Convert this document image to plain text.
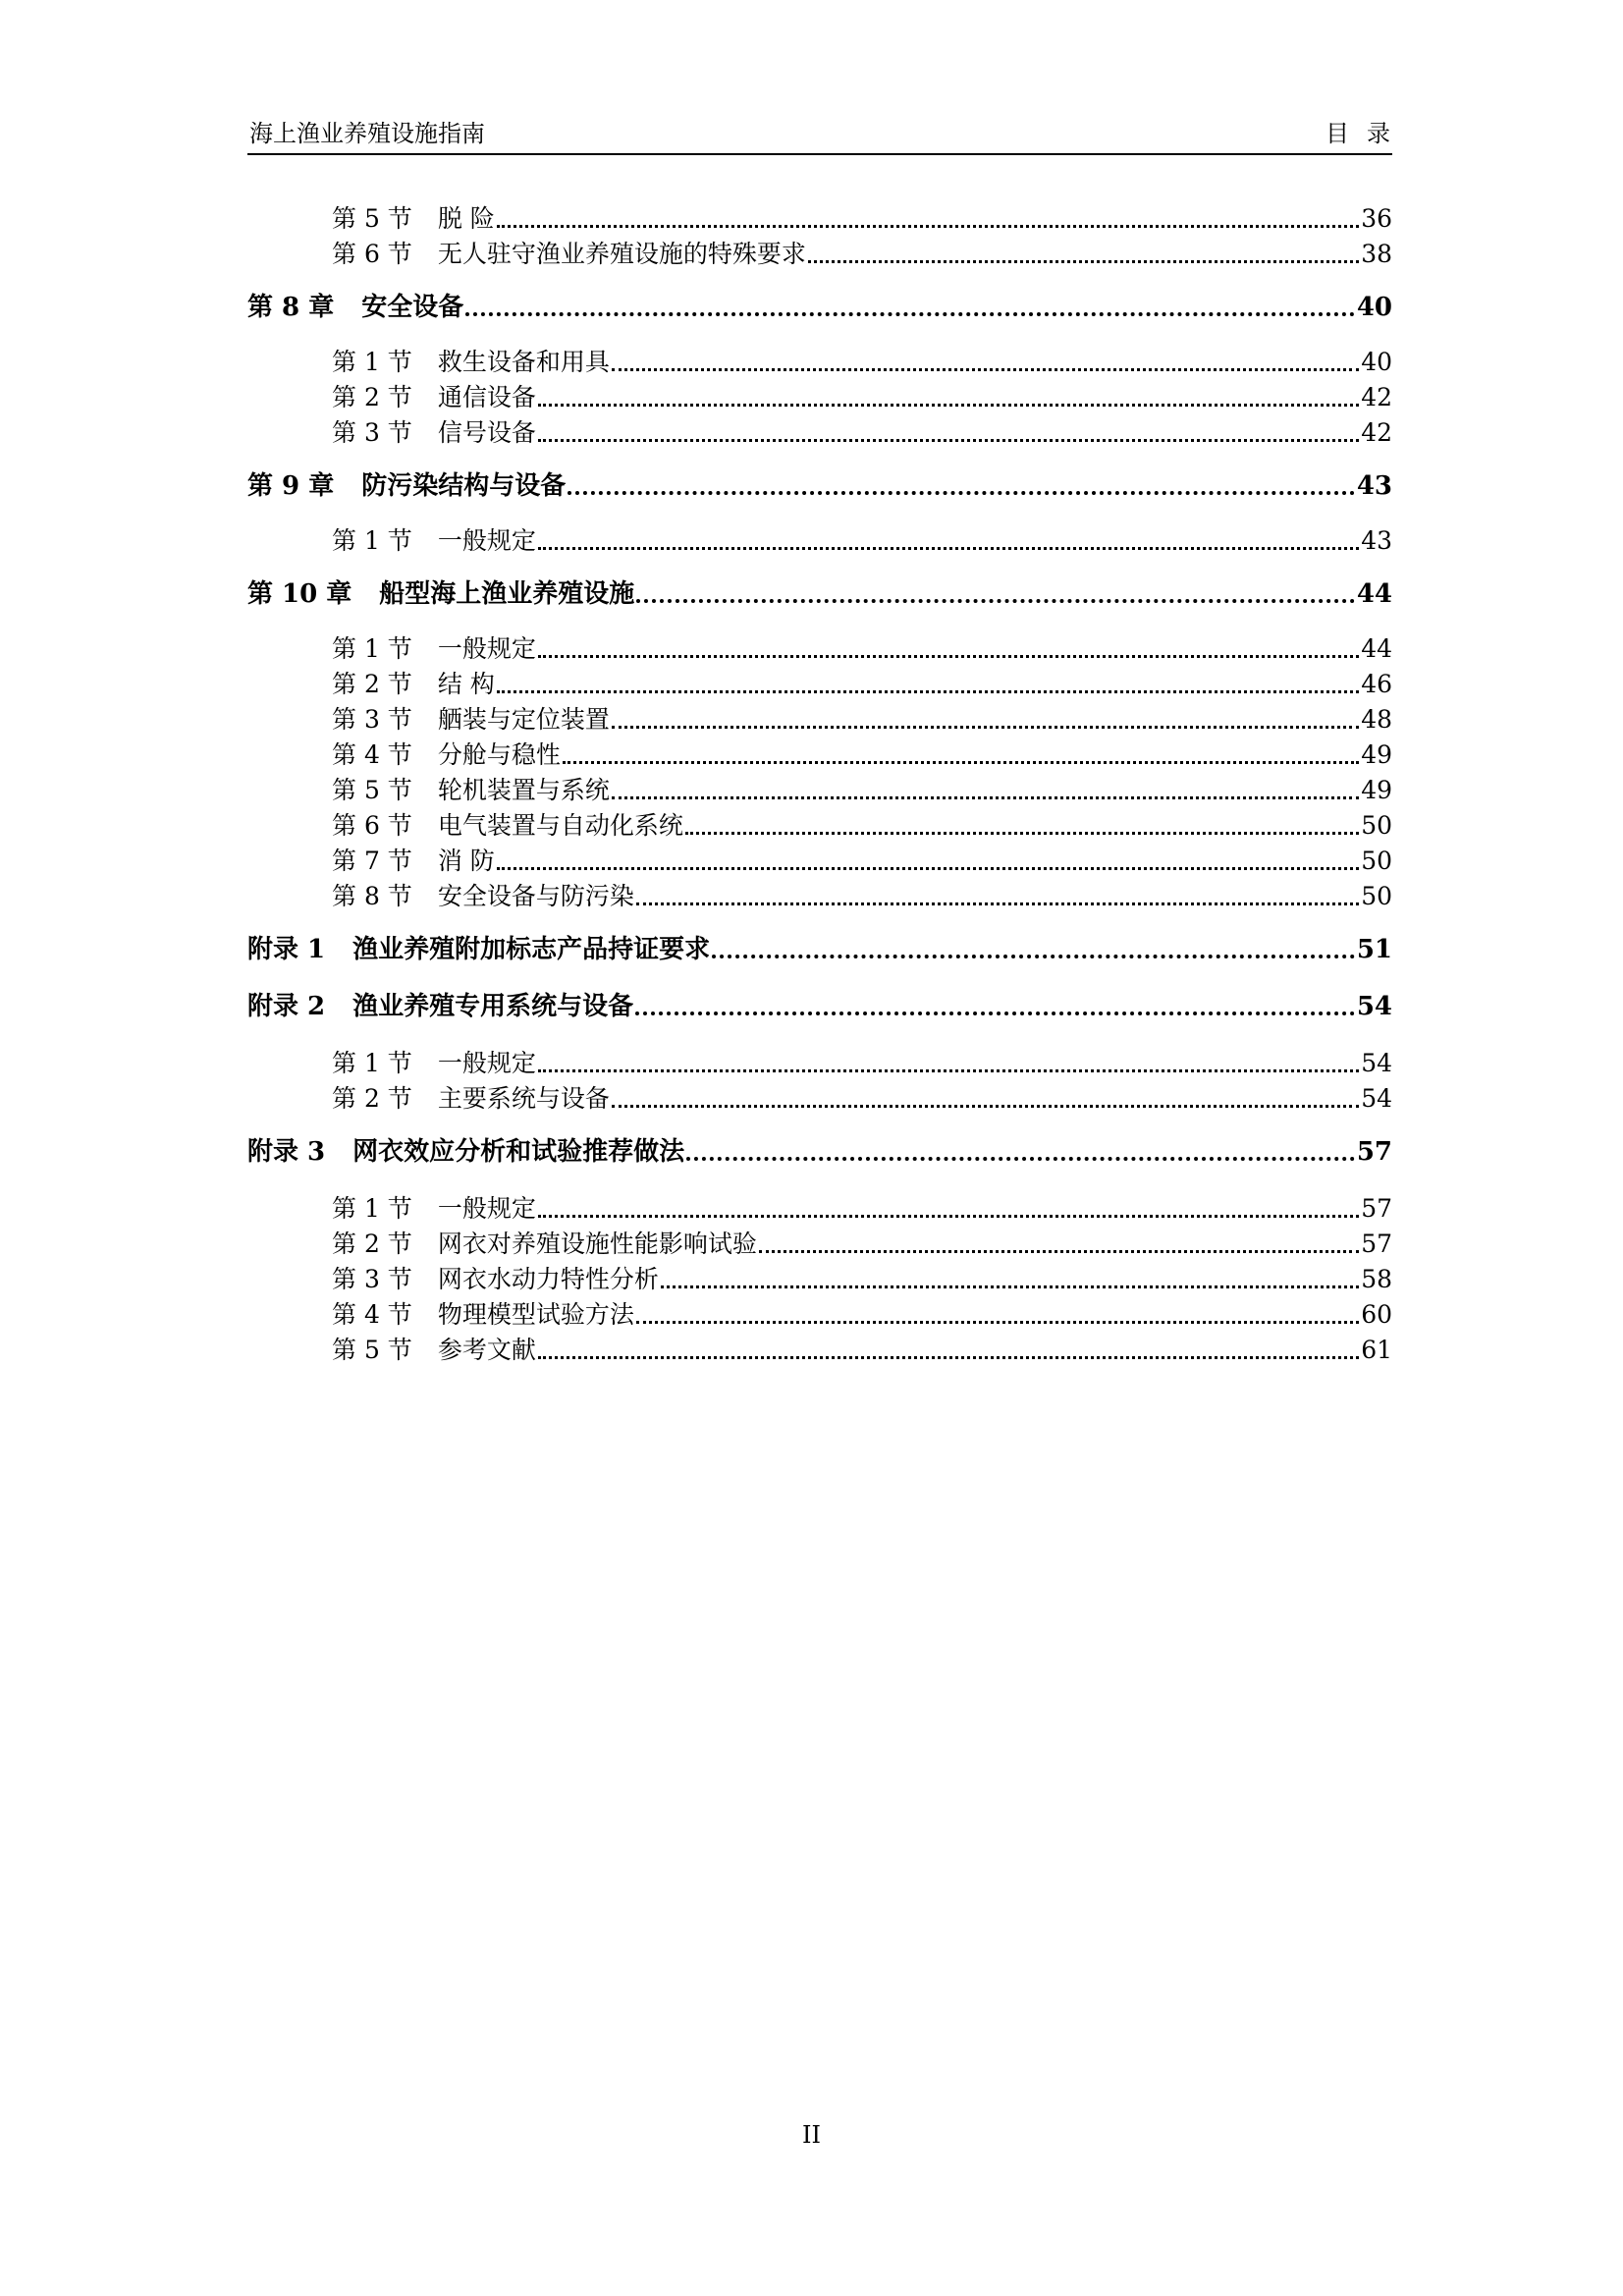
海上渔业养殖设施指南	目录
第 5 节	脱 险	36
第 6 节	无人驻守渔业养殖设施的特殊要求	38
第 8 章	安全设备	40
第 1 节	救生设备和用具	40
第 2 节	通信设备	42
第 3 节	信号设备	42
第 9 章	防污染结构与设备	43
第 1 节	一般规定	43
第 10 章	船型海上渔业养殖设施	44
第 1 节	一般规定	44
第 2 节	结 构	46
第 3 节	舾装与定位装置	48
第 4 节	分舱与稳性	49
第 5 节	轮机装置与系统	49
第 6 节	电气装置与自动化系统	50
第 7 节	消 防	50
第 8 节	安全设备与防污染	50
附录 1	渔业养殖附加标志产品持证要求	51
附录 2	渔业养殖专用系统与设备	54
第 1 节	一般规定	54
第 2 节	主要系统与设备	54
附录 3	网衣效应分析和试验推荐做法	57
第 1 节	一般规定	57
第 2 节	网衣对养殖设施性能影响试验	57
第 3 节	网衣水动力特性分析	58
第 4 节	物理模型试验方法	60
第 5 节	参考文献	61
II
